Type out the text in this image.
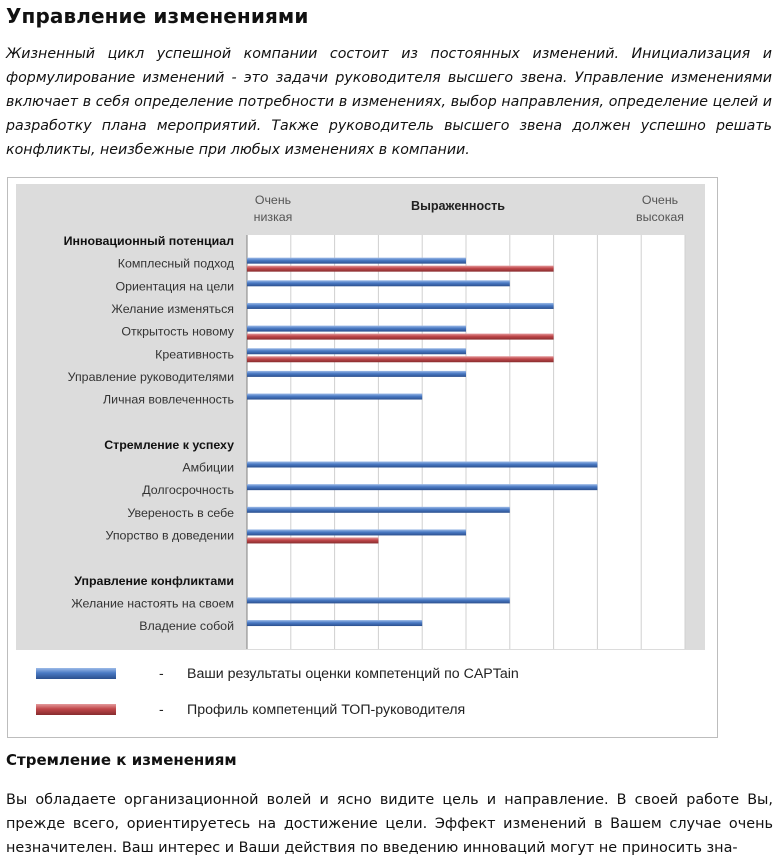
Управление изменениями
Жизненный цикл успешной компании состоит из постоянных изменений. Инициализация и формулирование изменений - это задачи руководителя высшего звена. Управление изменениями включает в себя определение потребности в изменениях, выбор направления, определение целей и разработку плана мероприятий. Также руководитель высшего звена должен успешно решать конфликты, неизбежные при любых изменениях в компании.
Очень низкая
Очень высокая
Выраженность
Инновационный потенциал
Комплесный подход
Ориентация на цели
Желание изменяться
Открытость новому
Креативность
Управление руководителями
Личная вовлеченность
Стремление к успеху
Амбиции
Долгосрочность
Увереность в себе
Упорство в доведении
Управление конфликтами
Желание настоять на своем
Владение собой
- Ваши результаты оценки компетенций по CAPTain
- Профиль компетенций ТОП-руководителя
Стремление к изменениям
Вы обладаете организационной волей и ясно видите цель и направление. В своей работе Вы, прежде всего, ориентируетесь на достижение цели. Эффект изменений в Вашем случае очень незначителен. Ваш интерес и Ваши действия по введению инноваций могут не приносить зна-
